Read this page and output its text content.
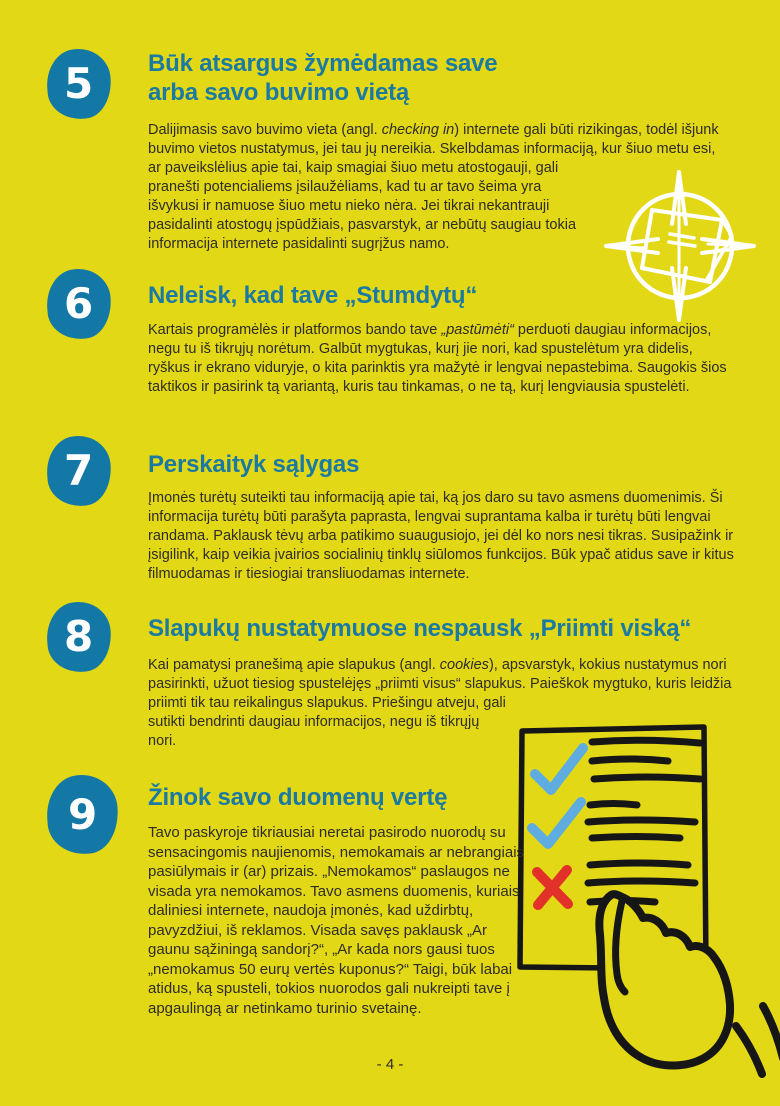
5 Būk atsargus žymėdamas save
arba savo buvimo vietą

Dalijimasis savo buvimo vieta (angl. checking in) internete gali būti rizikingas, todėl išjunk buvimo vietos nustatymus, jei tau jų nereikia. Skelbdamas informaciją, kur šiuo metu
esi, ar paveikslėlius apie tai, kaip smagiai šiuo metu atostogauji, gali pranešti potencialiems įsilaužėliams, kad tu ar tavo šeima yra išvykusi ir namuose šiuo metu nieko nėra. Jei tikrai nekantrauji pasidalinti atostogų įspūdžiais, pasvarstyk, ar nebūtų saugiau tokia informacija internete pasidalinti sugrįžus namo.

6 Neleisk, kad tave „Stumdytų“

Kartais programėlės ir platformos bando tave „pastūmėti“ perduoti daugiau informacijos, negu tu iš tikrųjų norėtum. Galbūt mygtukas, kurį jie nori, kad spustelėtum yra didelis, ryškus ir ekrano viduryje, o kita parinktis yra mažytė ir lengvai nepastebima. Saugokis šios taktikos ir pasirink tą variantą, kuris tau tinkamas, o ne tą, kurį lengviausia spustelėti.

7 Perskaityk sąlygas

Įmonės turėtų suteikti tau informaciją apie tai, ką jos daro su tavo asmens duomenimis. Ši informacija turėtų būti parašyta paprasta, lengvai suprantama kalba ir turėtų būti lengvai randama. Paklausk tėvų arba patikimo suaugusiojo, jei dėl ko nors nesi tikras. Susipažink ir įsigilink, kaip veikia įvairios socialinių tinklų siūlomos funkcijos. Būk ypač atidus save ir kitus filmuodamas ir tiesiogiai transliuodamas internete.

8 Slapukų nustatymuose nespausk „Priimti viską“

Kai pamatysi pranešimą apie slapukus (angl. cookies), apsvarstyk, kokius nustatymus nori pasirinkti, užuot tiesiog spustelėjęs „priimti visus“ slapukus. Paieškok mygtuko, kuris leidžia priimti tik tau reikalingus slapukus.
Priešingu atveju, gali sutikti bendrinti daugiau informacijos, negu iš tikrųjų nori.

9 Žinok savo duomenų vertę

Tavo paskyroje tikriausiai neretai pasirodo nuorodų su sensacingomis naujienomis, nemokamais ar nebrangiais pasiūlymais ir (ar) prizais. „Nemokamos“ paslaugos ne visada yra nemokamos. Tavo asmens duomenis, kuriais daliniesi internete, naudoja įmonės, kad uždirbtų, pavyzdžiui, iš reklamos. Visada savęs paklausk „Ar gaunu sąžiningą sandorį?“, „Ar kada nors gausi tuos „nemokamus 50 eurų vertės kuponus?“ Taigi, būk labai atidus, ką spusteli, tokios nuorodos gali nukreipti tave į apgaulingą ar netinkamo turinio svetainę.

- 4 -
